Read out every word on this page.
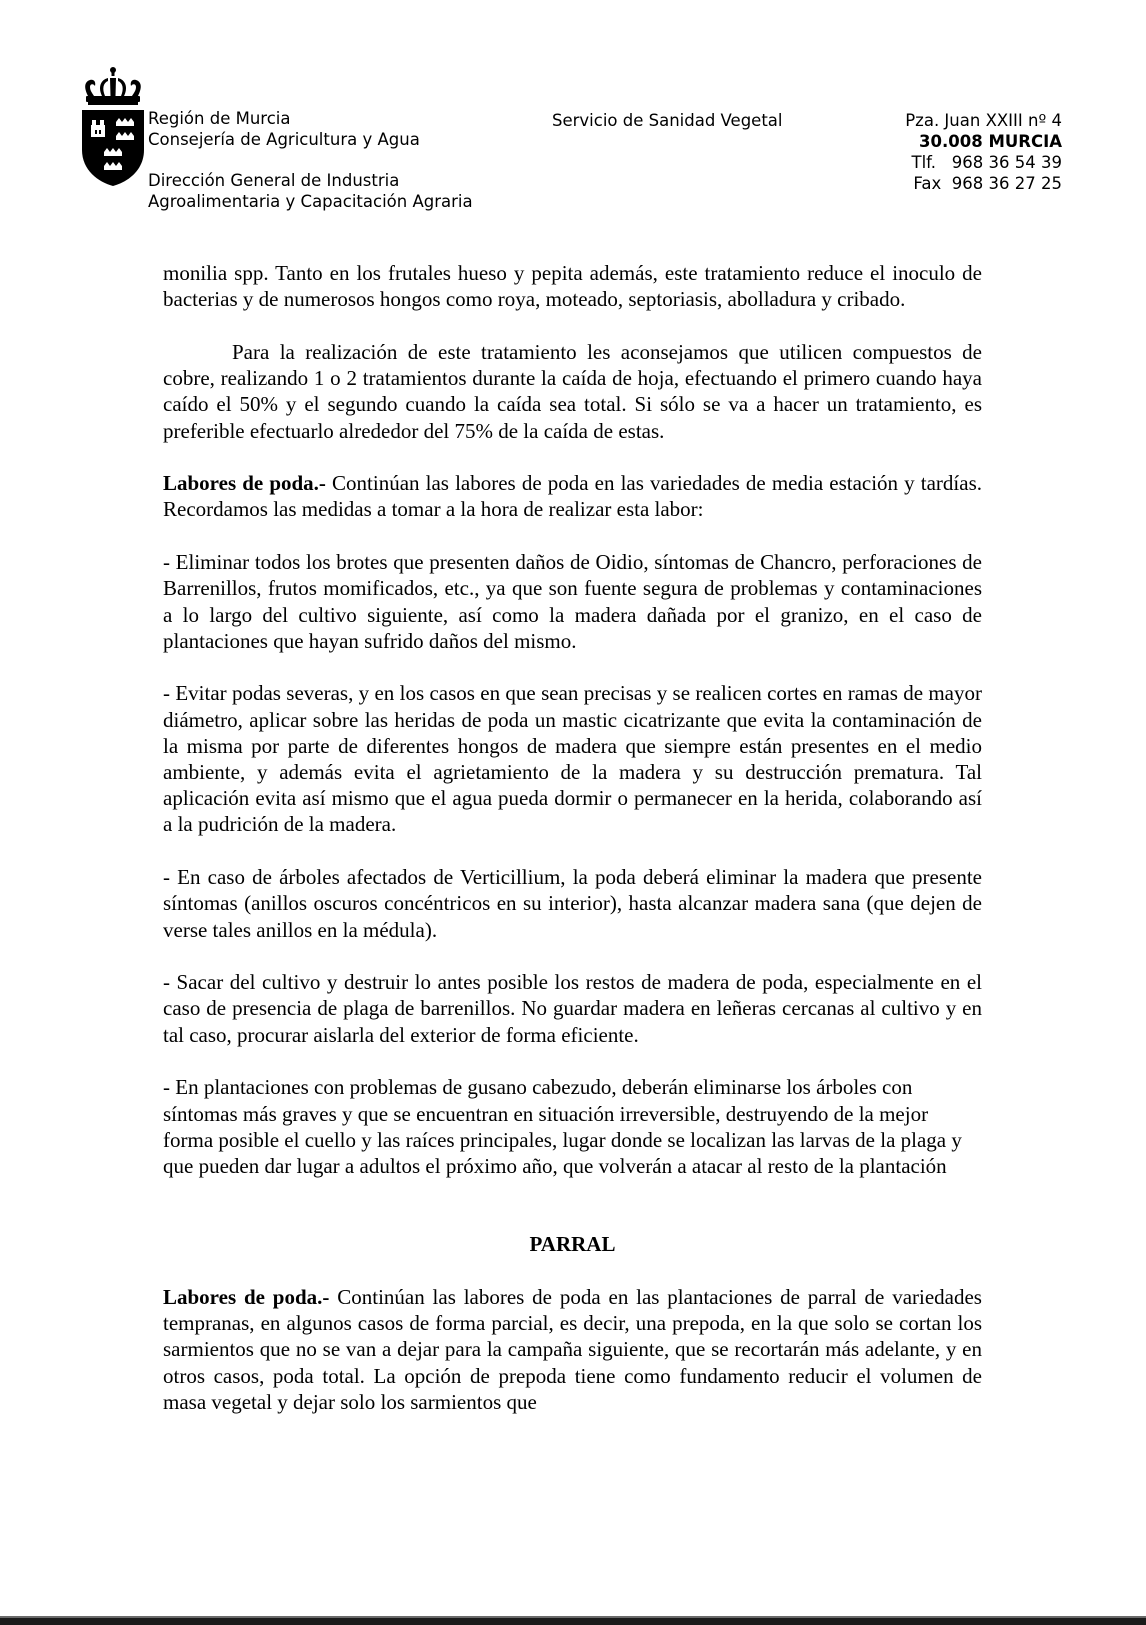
Región de Murcia
Consejería de Agricultura y Agua
Dirección General de Industria
Agroalimentaria y Capacitación Agraria
Servicio de Sanidad Vegetal	Pza. Juan XXIII nº 4
30.008 MURCIA
Tlf. 968 36 54 39
Fax 968 36 27 25

monilia spp. Tanto en los frutales hueso y pepita además, este tratamiento reduce el inoculo de bacterias y de numerosos hongos como roya, moteado, septoriasis, abolladura y cribado.

Para la realización de este tratamiento les aconsejamos que utilicen compuestos de cobre, realizando 1 o 2 tratamientos durante la caída de hoja, efectuando el primero cuando haya caído el 50% y el segundo cuando la caída sea total. Si sólo se va a hacer un tratamiento, es preferible efectuarlo alrededor del 75% de la caída de estas.

Labores de poda.- Continúan las labores de poda en las variedades de media estación y tardías. Recordamos las medidas a tomar a la hora de realizar esta labor:

- Eliminar todos los brotes que presenten daños de Oidio, síntomas de Chancro, perforaciones de Barrenillos, frutos momificados, etc., ya que son fuente segura de problemas y contaminaciones a lo largo del cultivo siguiente, así como la madera dañada por el granizo, en el caso de plantaciones que hayan sufrido daños del mismo.

- Evitar podas severas, y en los casos en que sean precisas y se realicen cortes en ramas de mayor diámetro, aplicar sobre las heridas de poda un mastic cicatrizante que evita la contaminación de la misma por parte de diferentes hongos de madera que siempre están presentes en el medio ambiente, y además evita el agrietamiento de la madera y su destrucción prematura. Tal aplicación evita así mismo que el agua pueda dormir o permanecer en la herida, colaborando así a la pudrición de la madera.

- En caso de árboles afectados de Verticillium, la poda deberá eliminar la madera que presente síntomas (anillos oscuros concéntricos en su interior), hasta alcanzar madera sana (que dejen de verse tales anillos en la médula).

- Sacar del cultivo y destruir lo antes posible los restos de madera de poda, especialmente en el caso de presencia de plaga de barrenillos. No guardar madera en leñeras cercanas al cultivo y en tal caso, procurar aislarla del exterior de forma eficiente.

- En plantaciones con problemas de gusano cabezudo, deberán eliminarse los árboles con síntomas más graves y que se encuentran en situación irreversible, destruyendo de la mejor forma posible el cuello y las raíces principales, lugar donde se localizan las larvas de la plaga y que pueden dar lugar a adultos el próximo año, que volverán a atacar al resto de la plantación

PARRAL

Labores de poda.- Continúan las labores de poda en las plantaciones de parral de variedades tempranas, en algunos casos de forma parcial, es decir, una prepoda, en la que solo se cortan los sarmientos que no se van a dejar para la campaña siguiente, que se recortarán más adelante, y en otros casos, poda total. La opción de prepoda tiene como fundamento reducir el volumen de masa vegetal y dejar solo los sarmientos que
